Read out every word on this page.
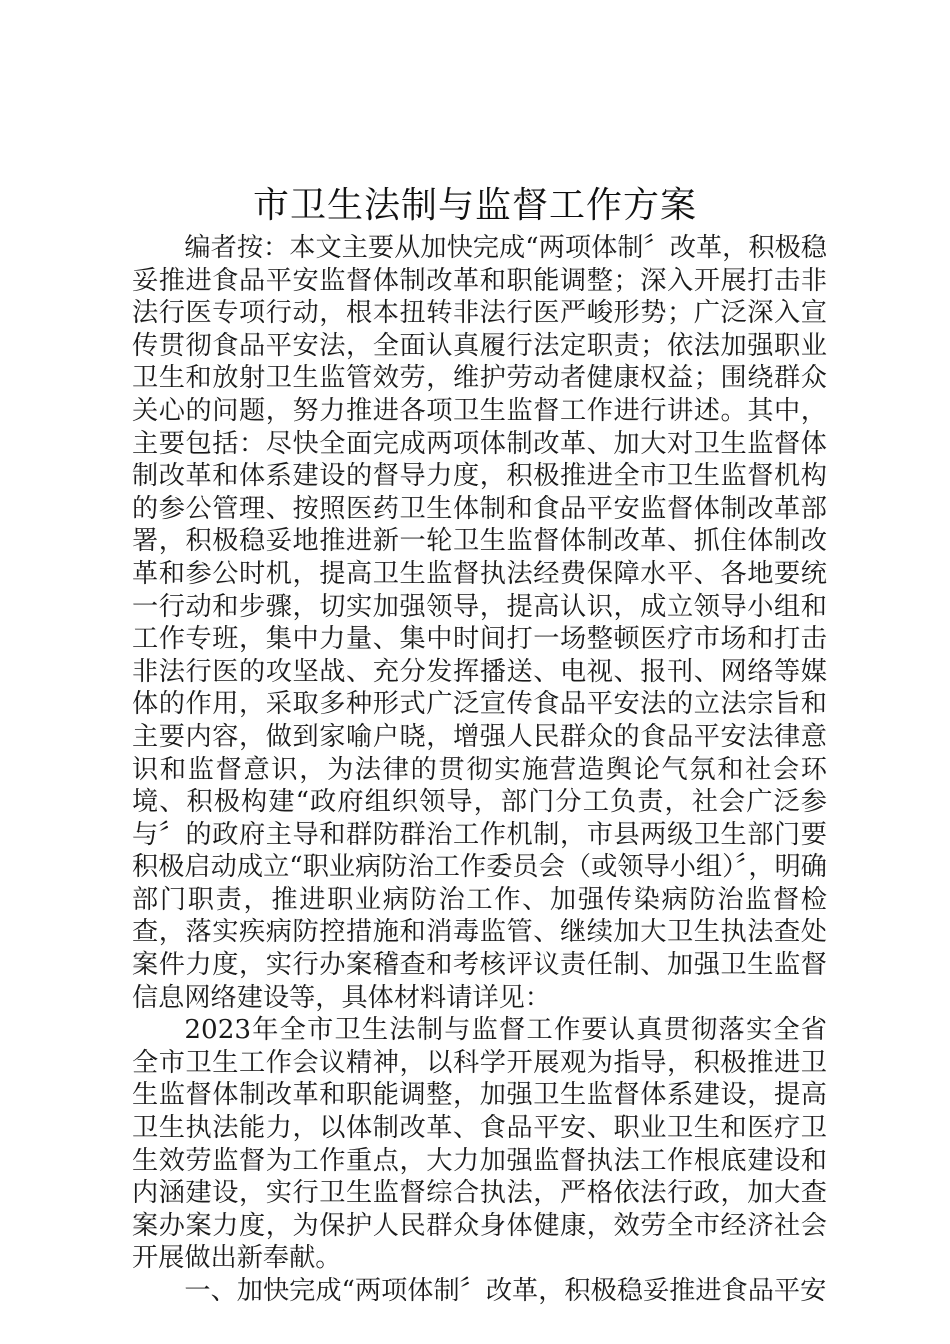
市卫生法制与监督工作方案

编者按：本文主要从加快完成“两项体制〞改革，积极稳妥推进食品平安监督体制改革和职能调整；深入开展打击非法行医专项行动，根本扭转非法行医严峻形势；广泛深入宣传贯彻食品平安法，全面认真履行法定职责；依法加强职业卫生和放射卫生监管效劳，维护劳动者健康权益；围绕群众关心的问题，努力推进各项卫生监督工作进行讲述。其中，主要包括：尽快全面完成两项体制改革、加大对卫生监督体制改革和体系建设的督导力度，积极推进全市卫生监督机构的参公管理、按照医药卫生体制和食品平安监督体制改革部署，积极稳妥地推进新一轮卫生监督体制改革、抓住体制改革和参公时机，提高卫生监督执法经费保障水平、各地要统一行动和步骤，切实加强领导，提高认识，成立领导小组和工作专班，集中力量、集中时间打一场整顿医疗市场和打击非法行医的攻坚战、充分发挥播送、电视、报刊、网络等媒体的作用，采取多种形式广泛宣传食品平安法的立法宗旨和主要内容，做到家喻户晓，增强人民群众的食品平安法律意识和监督意识，为法律的贯彻实施营造舆论气氛和社会环境、积极构建“政府组织领导，部门分工负责，社会广泛参与〞的政府主导和群防群治工作机制，市县两级卫生部门要积极启动成立“职业病防治工作委员会（或领导小组）〞，明确部门职责，推进职业病防治工作、加强传染病防治监督检查，落实疾病防控措施和消毒监管、继续加大卫生执法查处案件力度，实行办案稽查和考核评议责任制、加强卫生监督信息网络建设等，具体材料请详见：

2023年全市卫生法制与监督工作要认真贯彻落实全省全市卫生工作会议精神，以科学开展观为指导，积极推进卫生监督体制改革和职能调整，加强卫生监督体系建设，提高卫生执法能力，以体制改革、食品平安、职业卫生和医疗卫生效劳监督为工作重点，大力加强监督执法工作根底建设和内涵建设，实行卫生监督综合执法，严格依法行政，加大查案办案力度，为保护人民群众身体健康，效劳全市经济社会开展做出新奉献。

一、加快完成“两项体制〞改革，积极稳妥推进食品平安
